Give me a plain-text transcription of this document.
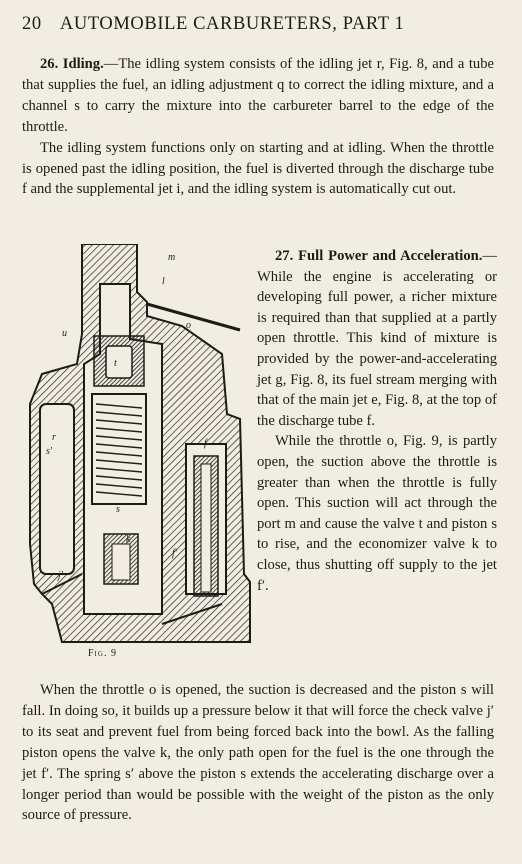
20 AUTOMOBILE CARBURETERS, PART 1

26. Idling.—The idling system consists of the idling jet r, Fig. 8, and a tube that supplies the fuel, an idling adjustment q to correct the idling mixture, and a channel s to carry the mixture into the carbureter barrel to the edge of the throttle.

The idling system functions only on starting and at idling. When the throttle is opened past the idling position, the fuel is diverted through the discharge tube f and the supplemental jet i, and the idling system is automatically cut out.

m
l
u
t
o
f
s′
r
s
k
f′
j′
Fig. 9

27. Full Power and Acceleration.—While the engine is accelerating or developing full power, a richer mixture is required than that supplied at a partly open throttle. This kind of mixture is provided by the power-and-accelerating jet g, Fig. 8, its fuel stream merging with that of the main jet e, Fig. 8, at the top of the discharge tube f.

While the throttle o, Fig. 9, is partly open, the suction above the throttle is greater than when the throttle is fully open. This suction will act through the port m and cause the valve t and piston s to rise, and the economizer valve k to close, thus shutting off supply to the jet f′.

When the throttle o is opened, the suction is decreased and the piston s will fall. In doing so, it builds up a pressure below it that will force the check valve j′ to its seat and prevent fuel from being forced back into the bowl. As the falling piston opens the valve k, the only path open for the fuel is the one through the jet f′. The spring s′ above the piston s extends the accelerating discharge over a longer period than would be possible with the weight of the piston as the only source of pressure.
